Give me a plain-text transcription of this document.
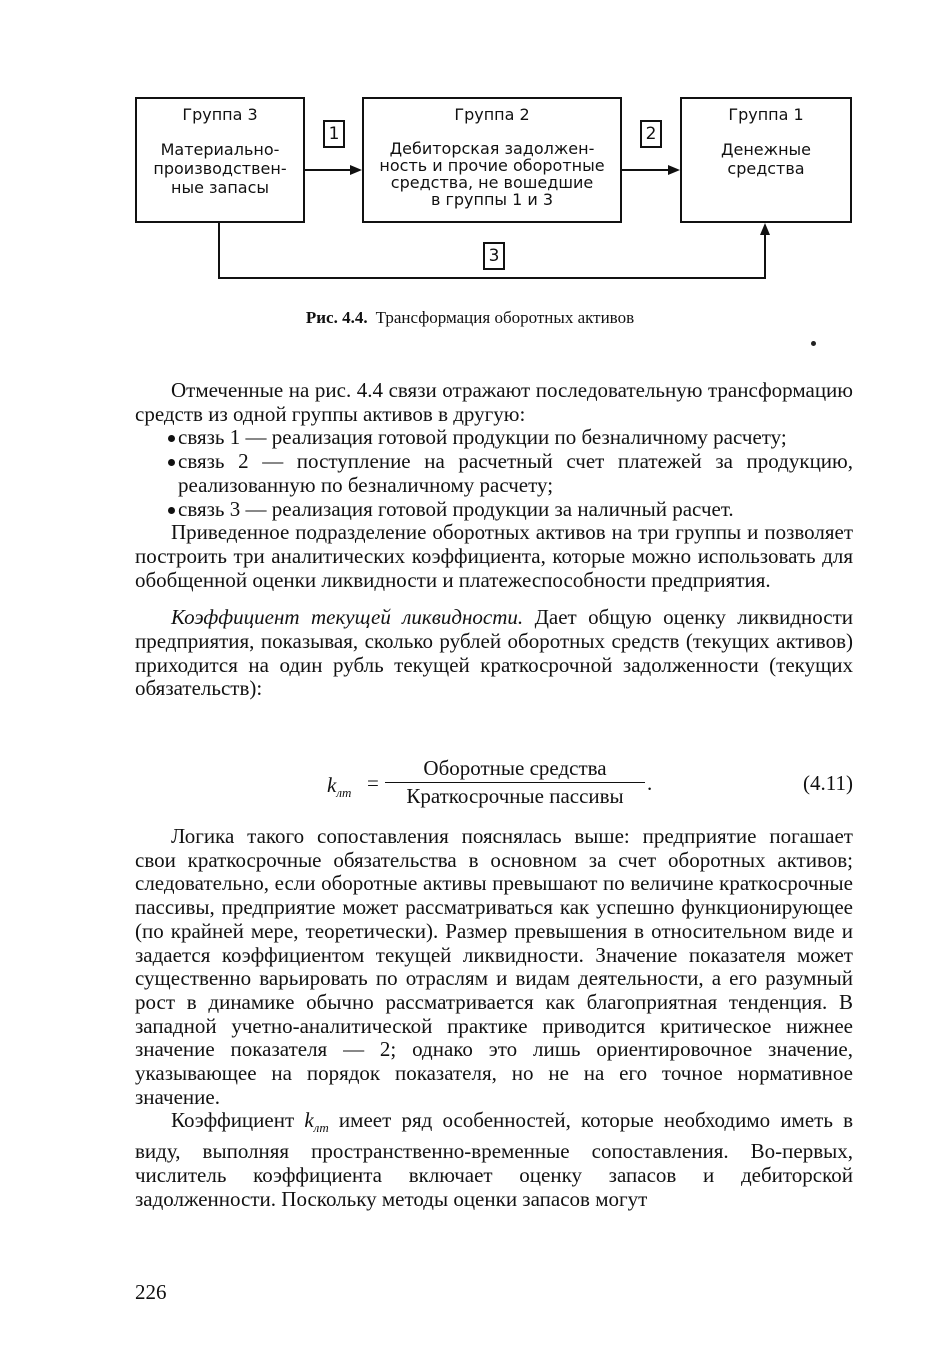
Группа 3
Материально-
производствен-
ные запасы
Группа 2
Дебиторская задолжен-
ность и прочие оборотные
средства, не вошедшие
в группы 1 и 3
Группа 1
Денежные
средства
1	2
3
Рис. 4.4. Трансформация оборотных активов

Отмеченные на рис. 4.4 связи отражают последовательную трансформацию средств из одной группы активов в другую:

связь 1 — реализация готовой продукции по безналичному расчету;
связь 2 — поступление на расчетный счет платежей за продукцию, реализованную по безналичному расчету;
связь 3 — реализация готовой продукции за наличный расчет.

Приведенное подразделение оборотных активов на три группы и позволяет построить три аналитических коэффициента, которые можно использовать для обобщенной оценки ликвидности и платежеспособности предприятия.

Коэффициент текущей ликвидности. Дает общую оценку ликвидности предприятия, показывая, сколько рублей оборотных средств (текущих активов) приходится на один рубль текущей краткосрочной задолженности (текущих обязательств):

$k_{лт}$ =
Оборотные средства
Краткосрочные пассивы
.	(4.11)

Логика такого сопоставления пояснялась выше: предприятие погашает свои краткосрочные обязательства в основном за счет оборотных активов; следовательно, если оборотные активы превышают по величине краткосрочные пассивы, предприятие может рассматриваться как успешно функционирующее (по крайней мере, теоретически). Размер превышения в относительном виде и задается коэффициентом текущей ликвидности. Значение показателя может существенно варьировать по отраслям и видам деятельности, а его разумный рост в динамике обычно рассматривается как благоприятная тенденция. В западной учетно-аналитической практике приводится критическое нижнее значение показателя — 2; однако это лишь ориентировочное значение, указывающее на порядок показателя, но не на его точное нормативное значение.

Коэффициент $k_{лт}$ имеет ряд особенностей, которые необходимо иметь в виду, выполняя пространственно-временные сопоставления. Во-первых, числитель коэффициента включает оценку запасов и дебиторской задолженности. Поскольку методы оценки запасов могут

226
